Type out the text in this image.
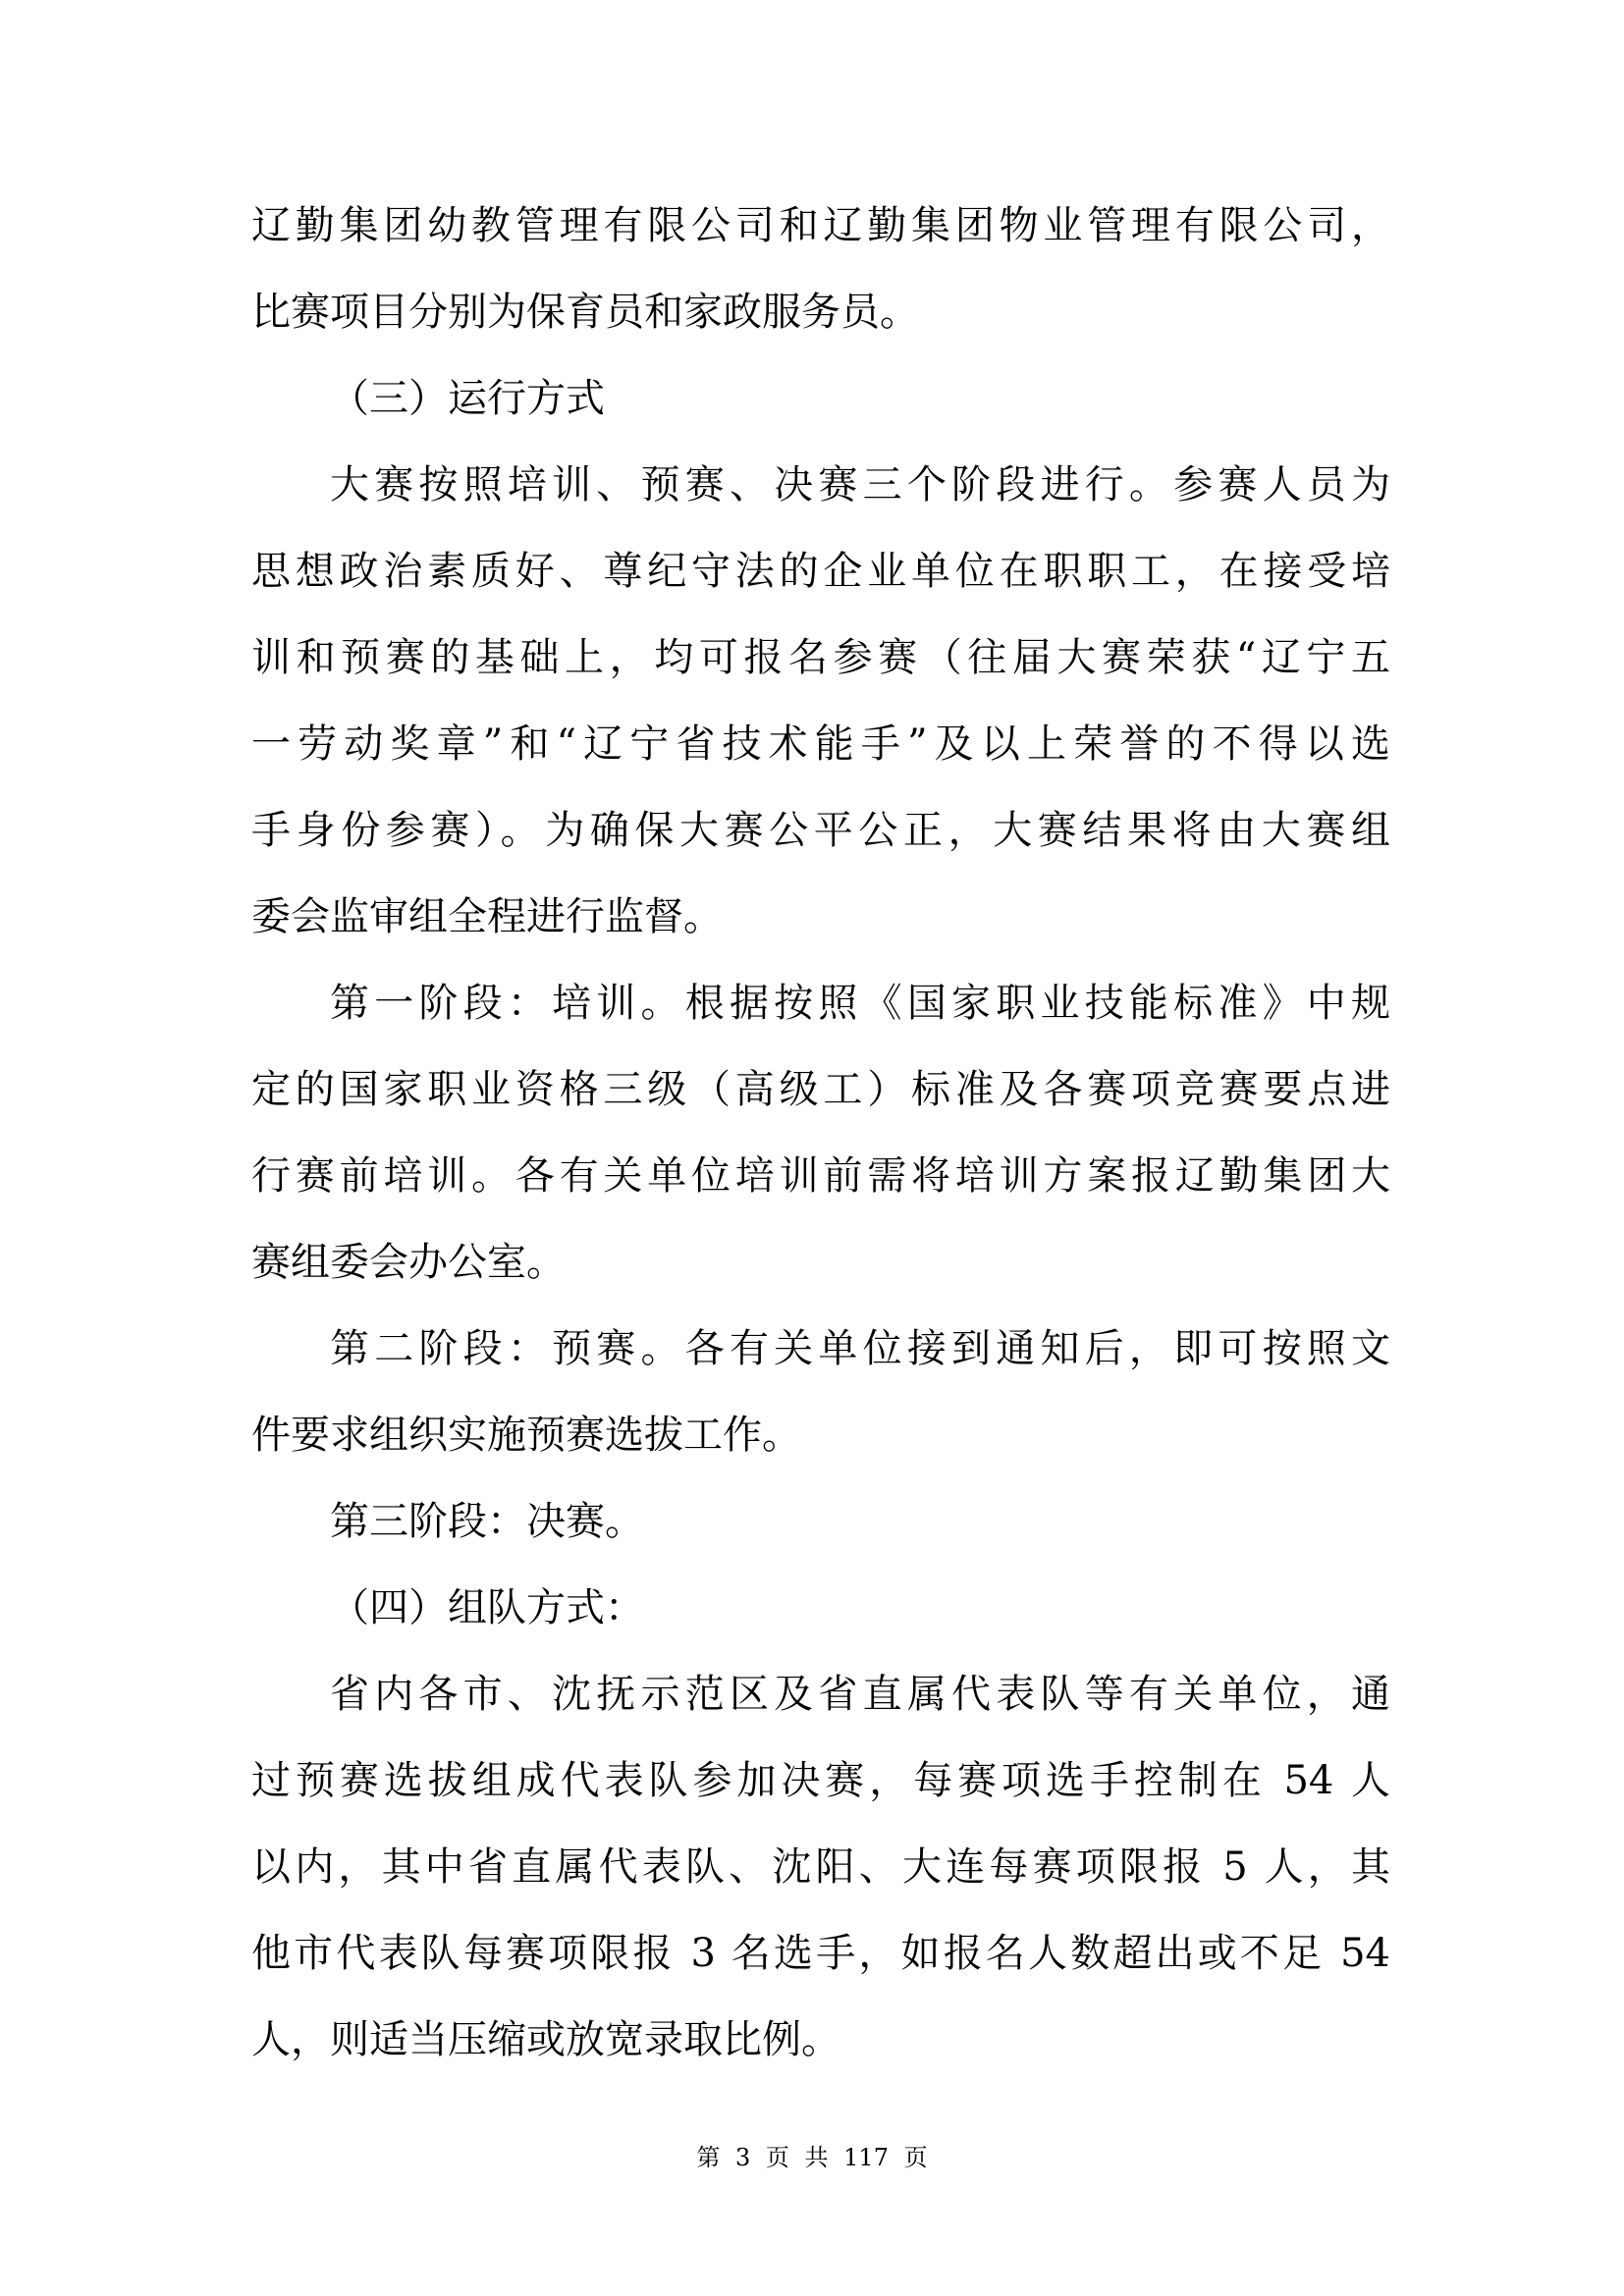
辽勤集团幼教管理有限公司和辽勤集团物业管理有限公司，
比赛项目分别为保育员和家政服务员。
（三）运行方式
大赛按照培训、预赛、决赛三个阶段进行。参赛人员为
思想政治素质好、尊纪守法的企业单位在职职工，在接受培
训和预赛的基础上，均可报名参赛（往届大赛荣获“辽宁五
一劳动奖章”和“辽宁省技术能手”及以上荣誉的不得以选
手身份参赛）。为确保大赛公平公正，大赛结果将由大赛组
委会监审组全程进行监督。
第一阶段：培训。根据按照《国家职业技能标准》中规
定的国家职业资格三级（高级工）标准及各赛项竞赛要点进
行赛前培训。各有关单位培训前需将培训方案报辽勤集团大
赛组委会办公室。
第二阶段：预赛。各有关单位接到通知后，即可按照文
件要求组织实施预赛选拔工作。
第三阶段：决赛。
（四）组队方式：
省内各市、沈抚示范区及省直属代表队等有关单位，通
过预赛选拔组成代表队参加决赛，每赛项选手控制在 54 人
以内，其中省直属代表队、沈阳、大连每赛项限报 5 人，其
他市代表队每赛项限报 3 名选手，如报名人数超出或不足 54
人，则适当压缩或放宽录取比例。
第 3 页 共 117 页
